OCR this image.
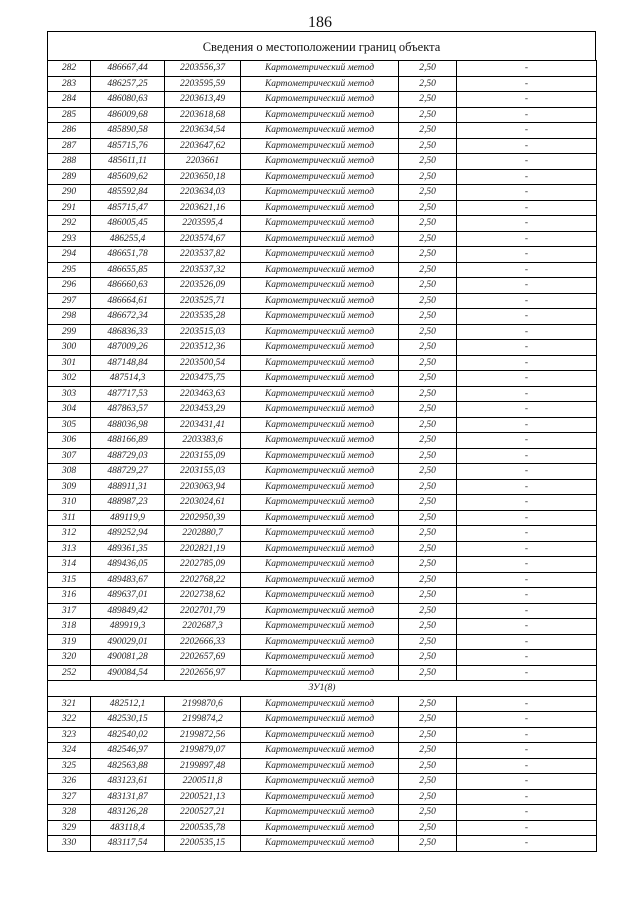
186
Сведения о местоположении границ объекта
282	486667,44	2203556,37	Картометрический метод	2,50	-
283	486257,25	2203595,59	Картометрический метод	2,50	-
284	486080,63	2203613,49	Картометрический метод	2,50	-
285	486009,68	2203618,68	Картометрический метод	2,50	-
286	485890,58	2203634,54	Картометрический метод	2,50	-
287	485715,76	2203647,62	Картометрический метод	2,50	-
288	485611,11	2203661	Картометрический метод	2,50	-
289	485609,62	2203650,18	Картометрический метод	2,50	-
290	485592,84	2203634,03	Картометрический метод	2,50	-
291	485715,47	2203621,16	Картометрический метод	2,50	-
292	486005,45	2203595,4	Картометрический метод	2,50	-
293	486255,4	2203574,67	Картометрический метод	2,50	-
294	486651,78	2203537,82	Картометрический метод	2,50	-
295	486655,85	2203537,32	Картометрический метод	2,50	-
296	486660,63	2203526,09	Картометрический метод	2,50	-
297	486664,61	2203525,71	Картометрический метод	2,50	-
298	486672,34	2203535,28	Картометрический метод	2,50	-
299	486836,33	2203515,03	Картометрический метод	2,50	-
300	487009,26	2203512,36	Картометрический метод	2,50	-
301	487148,84	2203500,54	Картометрический метод	2,50	-
302	487514,3	2203475,75	Картометрический метод	2,50	-
303	487717,53	2203463,63	Картометрический метод	2,50	-
304	487863,57	2203453,29	Картометрический метод	2,50	-
305	488036,98	2203431,41	Картометрический метод	2,50	-
306	488166,89	2203383,6	Картометрический метод	2,50	-
307	488729,03	2203155,09	Картометрический метод	2,50	-
308	488729,27	2203155,03	Картометрический метод	2,50	-
309	488911,31	2203063,94	Картометрический метод	2,50	-
310	488987,23	2203024,61	Картометрический метод	2,50	-
311	489119,9	2202950,39	Картометрический метод	2,50	-
312	489252,94	2202880,7	Картометрический метод	2,50	-
313	489361,35	2202821,19	Картометрический метод	2,50	-
314	489436,05	2202785,09	Картометрический метод	2,50	-
315	489483,67	2202768,22	Картометрический метод	2,50	-
316	489637,01	2202738,62	Картометрический метод	2,50	-
317	489849,42	2202701,79	Картометрический метод	2,50	-
318	489919,3	2202687,3	Картометрический метод	2,50	-
319	490029,01	2202666,33	Картометрический метод	2,50	-
320	490081,28	2202657,69	Картометрический метод	2,50	-
252	490084,54	2202656,97	Картометрический метод	2,50	-
ЗУ1(8)					
321	482512,1	2199870,6	Картометрический метод	2,50	-
322	482530,15	2199874,2	Картометрический метод	2,50	-
323	482540,02	2199872,56	Картометрический метод	2,50	-
324	482546,97	2199879,07	Картометрический метод	2,50	-
325	482563,88	2199897,48	Картометрический метод	2,50	-
326	483123,61	2200511,8	Картометрический метод	2,50	-
327	483131,87	2200521,13	Картометрический метод	2,50	-
328	483126,28	2200527,21	Картометрический метод	2,50	-
329	483118,4	2200535,78	Картометрический метод	2,50	-
330	483117,54	2200535,15	Картометрический метод	2,50	-
